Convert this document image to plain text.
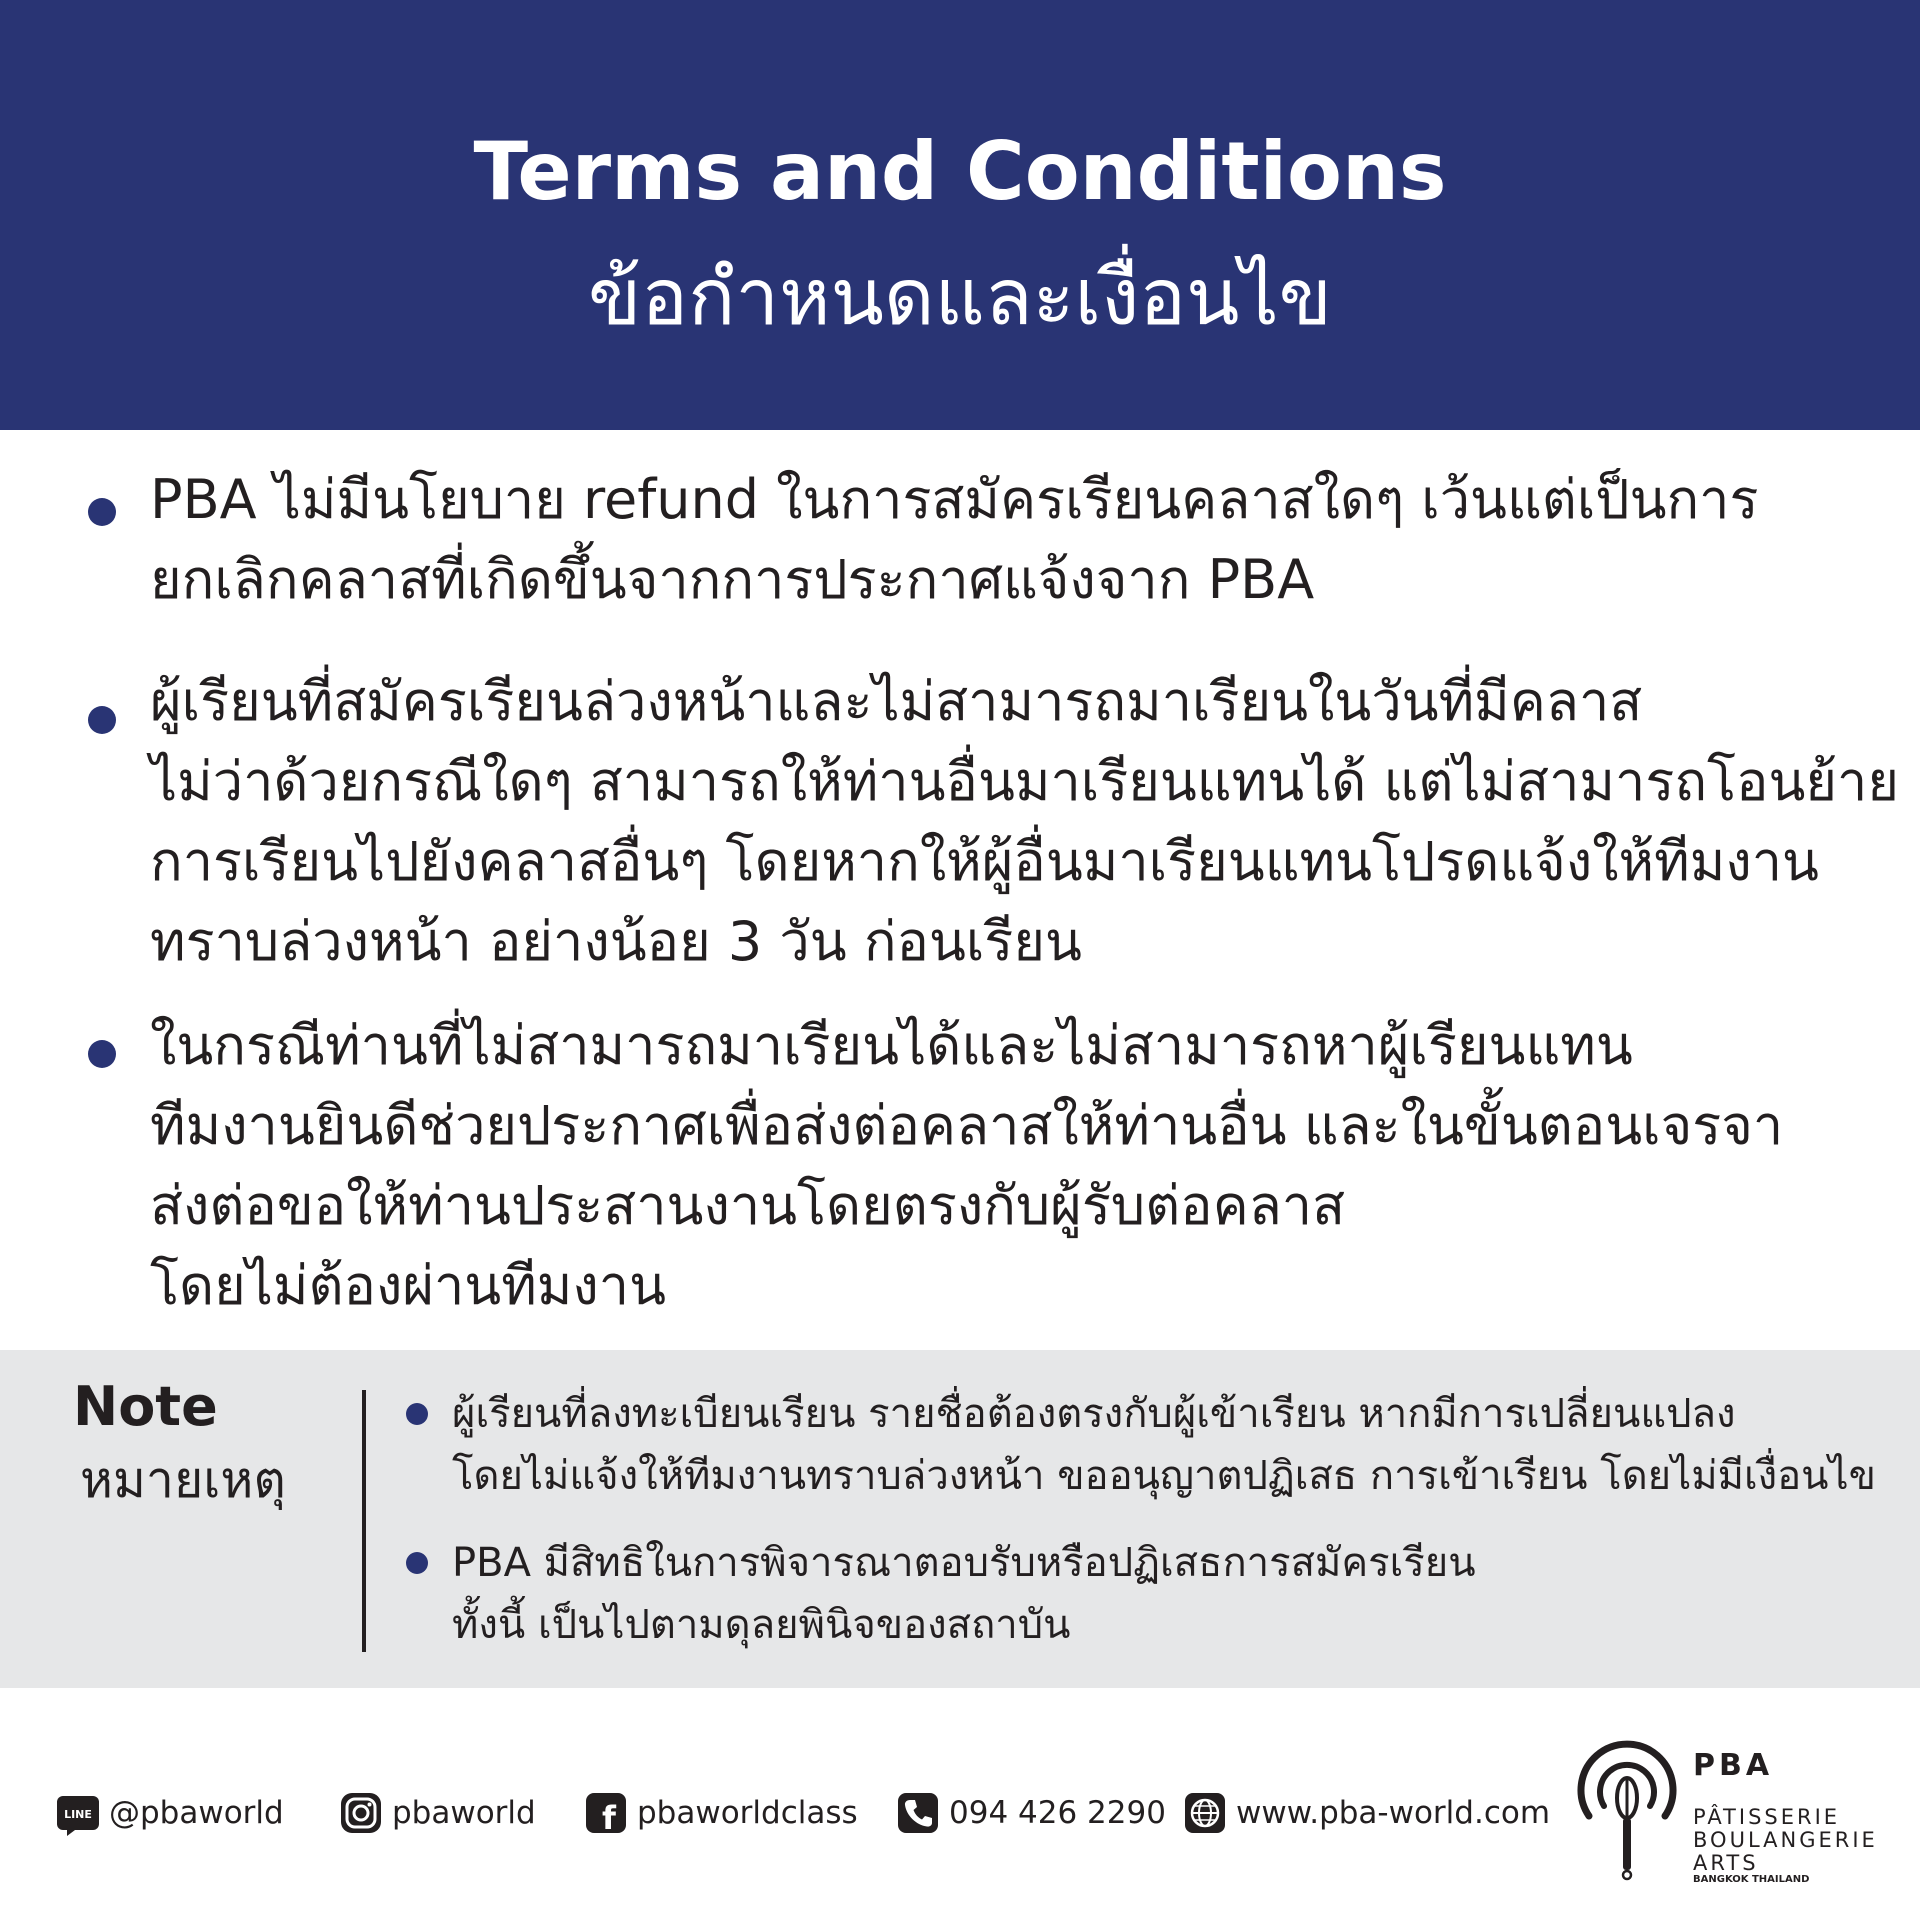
Terms and Conditions
ข้อกำหนดและเงื่อนไข
PBA ไม่มีนโยบาย refund ในการสมัครเรียนคลาสใดๆ เว้นแต่เป็นการ
ยกเลิกคลาสที่เกิดขึ้นจากการประกาศแจ้งจาก PBA
ผู้เรียนที่สมัครเรียนล่วงหน้าและไม่สามารถมาเรียนในวันที่มีคลาส
ไม่ว่าด้วยกรณีใดๆ สามารถให้ท่านอื่นมาเรียนแทนได้ แต่ไม่สามารถโอนย้าย
การเรียนไปยังคลาสอื่นๆ โดยหากให้ผู้อื่นมาเรียนแทนโปรดแจ้งให้ทีมงาน
ทราบล่วงหน้า อย่างน้อย 3 วัน ก่อนเรียน
ในกรณีท่านที่ไม่สามารถมาเรียนได้และไม่สามารถหาผู้เรียนแทน
ทีมงานยินดีช่วยประกาศเพื่อส่งต่อคลาสให้ท่านอื่น และในขั้นตอนเจรจา
ส่งต่อขอให้ท่านประสานงานโดยตรงกับผู้รับต่อคลาส
โดยไม่ต้องผ่านทีมงาน
Note
หมายเหตุ
ผู้เรียนที่ลงทะเบียนเรียน รายชื่อต้องตรงกับผู้เข้าเรียน หากมีการเปลี่ยนแปลง
โดยไม่แจ้งให้ทีมงานทราบล่วงหน้า ขออนุญาตปฏิเสธ การเข้าเรียน โดยไม่มีเงื่อนไข
PBA มีสิทธิในการพิจารณาตอบรับหรือปฏิเสธการสมัครเรียน
ทั้งนี้ เป็นไปตามดุลยพินิจของสถาบัน
LINE @pbaworld	pbaworld f pbaworldclass	094 426 2290 www.pba-world.com
PBA
PÂTISSERIE
BOULANGERIE
ARTS
BANGKOK THAILAND
